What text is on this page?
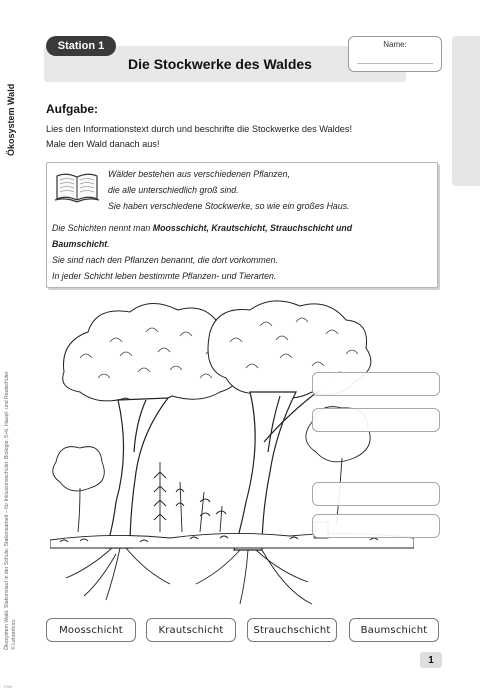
Station 1
Die Stockwerke des Waldes
Name:
Ökosystem Wald
Ökosystem Wald, Stationslauf in der Schule, Stationsarbeit – für Inklusionsschüler, Biologie, 5+6, Haupt- und Realschüler © Lehrerbüro
Aufgabe:
Lies den Informationstext durch und beschrifte die Stockwerke des Waldes!
Male den Wald danach aus!
Wälder bestehen aus verschiedenen Pflanzen,
die alle unterschiedlich groß sind.
Sie haben verschiedene Stockwerke, so wie ein großes Haus.
Die Schichten nennt man Moosschicht, Krautschicht, Strauchschicht und
Baumschicht.
Sie sind nach den Pflanzen benannt, die dort vorkommen.
In jeder Schicht leben bestimmte Pflanzen- und Tierarten.
Moosschicht	Krautschicht	Strauchschicht	Baumschicht
1
F/Kb
